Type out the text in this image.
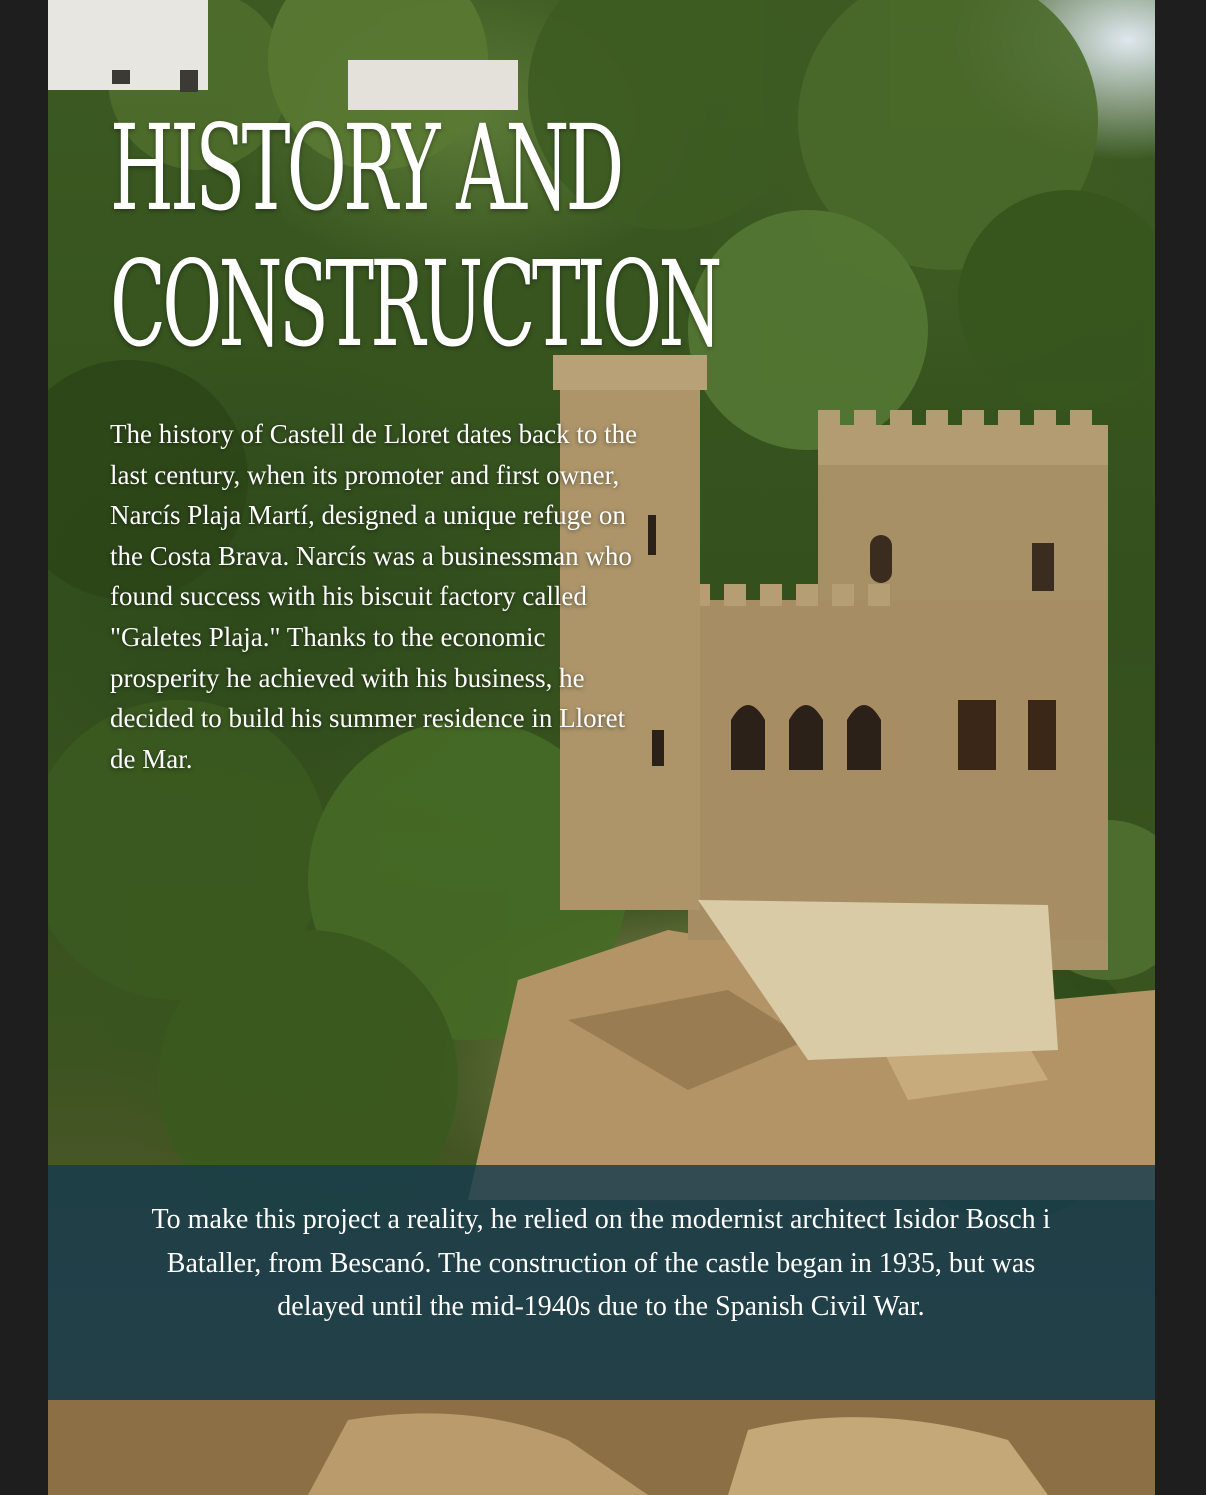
HISTORY AND
CONSTRUCTION

The history of Castell de Lloret dates back to the last century, when its promoter and first owner, Narcís Plaja Martí, designed a unique refuge on the Costa Brava. Narcís was a businessman who found success with his biscuit factory called "Galetes Plaja." Thanks to the economic prosperity he achieved with his business, he decided to build his summer residence in Lloret de Mar.

To make this project a reality, he relied on the modernist architect Isidor Bosch i Bataller, from Bescanó. The construction of the castle began in 1935, but was delayed until the mid-1940s due to the Spanish Civil War.
